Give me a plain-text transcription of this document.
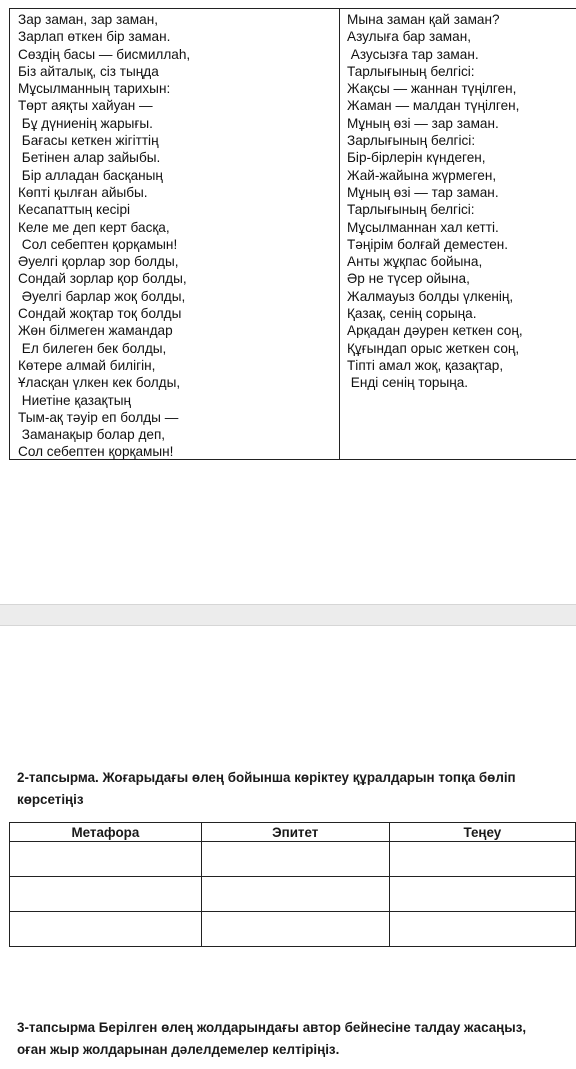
Зар заман, зар заман,
Зарлап өткен бір заман.
Сөздің басы — бисмиллаһ,
Біз айталық, сіз тыңда
Мұсылманның тарихын:
Төрт аяқты хайуан —
Бұ дүниенің жарығы.
Бағасы кеткен жігіттің
Бетінен алар зайыбы.
Бір алладан басқаның
Көпті қылған айыбы.
Кесапаттың кесірі
Келе ме деп керт басқа,
Сол себептен қорқамын!
Әуелгі қорлар зор болды,
Сондай зорлар қор болды,
Әуелгі барлар жоқ болды,
Сондай жоқтар тоқ болды
Жөн білмеген жамандар
Ел билеген бек болды,
Көтере алмай билігін,
Ұласқан үлкен кек болды,
Ниетіне қазақтың
Тым-ақ тәуір еп болды —
Заманақыр болар деп,
Сол себептен қорқамын!
Мына заман қай заман?
Азулыға бар заман,
Азусызға тар заман.
Тарлығының белгісі:
Жақсы — жаннан түңілген,
Жаман — малдан түңілген,
Мұның өзі — зар заман.
Зарлығының белгісі:
Бір-бірлерін күндеген,
Жай-жайына жүрмеген,
Мұның өзі — тар заман.
Тарлығының белгісі:
Мұсылманнан хал кетті.
Тәңірім болғай деместен.
Анты жұқпас бойына,
Әр не түсер ойына,
Жалмауыз болды үлкенің,
Қазақ, сенің сорыңа.
Арқадан дәурен кеткен соң,
Құғындап орыс жеткен соң,
Тіпті амал жоқ, қазақтар,
Енді сенің торыңа.
2-тапсырма. Жоғарыдағы өлең бойынша көріктеу құралдарын топқа бөліп
көрсетіңіз
Метафора	Эпитет	Теңеу

3-тапсырма Берілген өлең жолдарындағы автор бейнесіне талдау жасаңыз,
оған жыр жолдарынан дәлелдемелер келтіріңіз.
